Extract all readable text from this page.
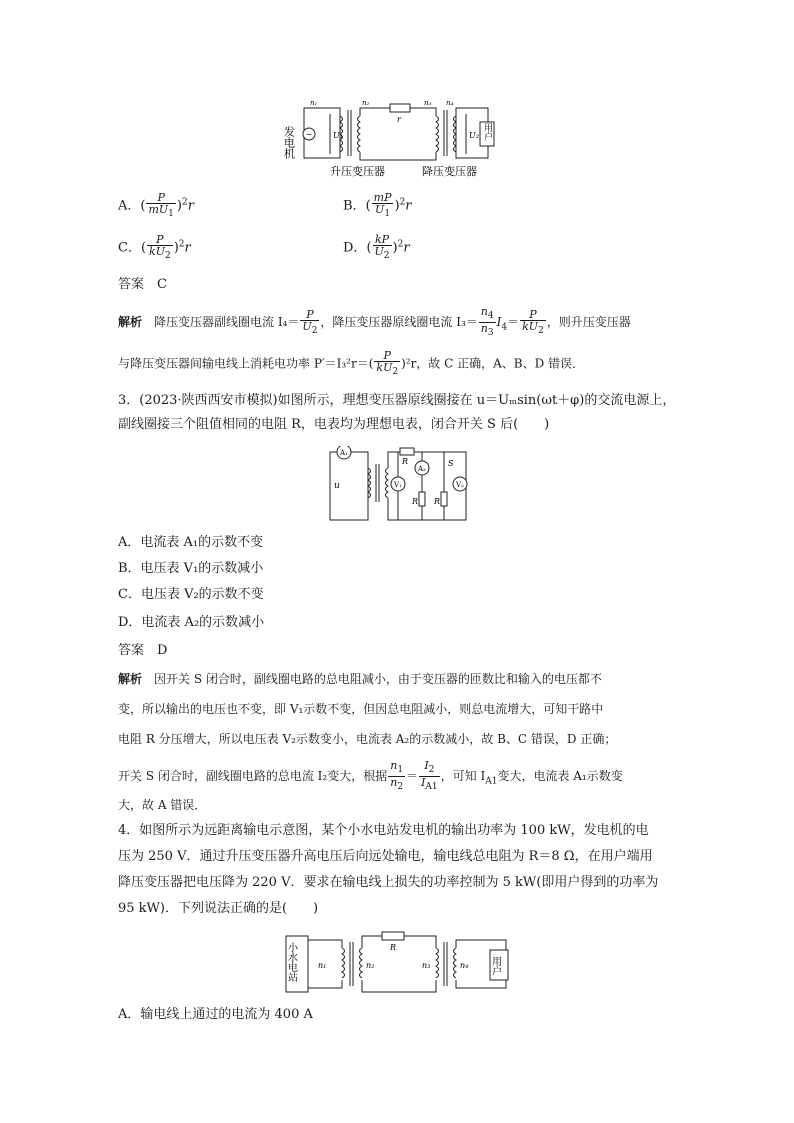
~
n₁	n₂	n₃ n₄
r
U₁	U₂
升压变压器	降压变压器
用户
发电机
A．( $\frac{P}{mU_1} )^2r$	B．( $\frac{mP}{U_1} )^2r$
C．( $\frac{P}{kU_2} )^2r$	D．( $\frac{kP}{U_2} )^2r$
答案　 C
解析　 降压变压器副线圈电流 $I_4= \frac{P}{U_2}$ ，降压变压器原线圈电流 $I_3= \frac{n_4}{n_3} I_4= \frac{P}{kU_2}$ ，则升压变压器
与降压变压器间输电线上消耗电功率 $P'=I_3^2r=( \frac{P}{kU_2} )^2r$，故 C 正确，A、B、D 错误．
3．(2023·陕西西安市模拟)如图所示，理想变压器原线圈接在 u＝Uₘsin(ωt＋φ)的交流电源上，
副线圈接三个阻值相同的电阻 R，电表均为理想电表，闭合开关 S 后(　　)
A₁
V₁
A₂
V₂
u
R
R R
S
A．电流表 A₁的示数不变
B．电压表 V₁的示数减小
C．电压表 V₂的示数不变
D．电流表 A₂的示数减小
答案　 D
解析　 因开关 S 闭合时，副线圈电路的总电阻减小，由于变压器的匝数比和输入的电压都不
变，所以输出的电压也不变，即 V₁示数不变，但因总电阻减小，则总电流增大，可知干路中
电阻 R 分压增大，所以电压表 V₂示数变小，电流表 A₂的示数减小，故 B、C 错误，D 正确；
开关 S 闭合时，副线圈电路的总电流 I₂变大，根据 $\frac{n_1}{n_2} = \frac{I_2}{I_{A1}}$ ，可知 $I_{A1}$变大，电流表 A₁示数变
大，故 A 错误．
4．如图所示为远距离输电示意图，某个小水电站发电机的输出功率为 100 kW，发电机的电
压为 250 V．通过升压变压器升高电压后向远处输电，输电线总电阻为 R＝8 Ω，在用户端用
降压变压器把电压降为 220 V．要求在输电线上损失的功率控制为 5 kW(即用户得到的功率为
95 kW)．下列说法正确的是(　　)
小水电站	n₁	n₂	n₃	n₄
R
用户
A．输电线上通过的电流为 400 A
